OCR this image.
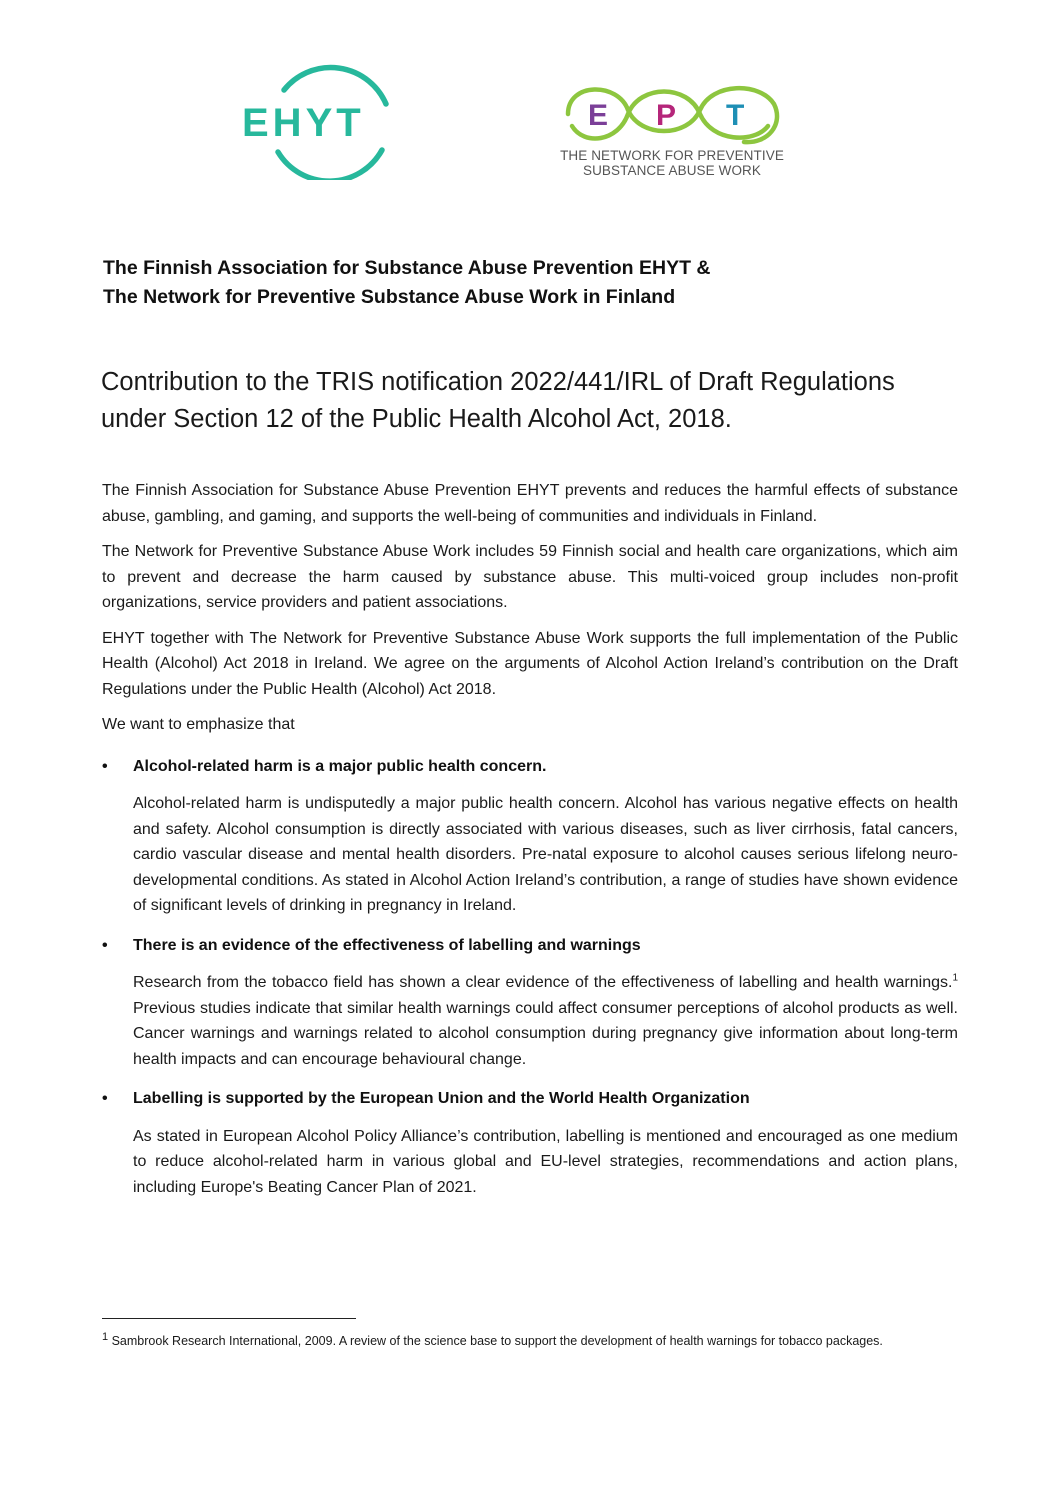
EHYT	E P T
THE NETWORK FOR PREVENTIVE
SUBSTANCE ABUSE WORK
The Finnish Association for Substance Abuse Prevention EHYT &
The Network for Preventive Substance Abuse Work in Finland
Contribution to the TRIS notification 2022/441/IRL of Draft Regulations
under Section 12 of the Public Health Alcohol Act, 2018.

The Finnish Association for Substance Abuse Prevention EHYT prevents and reduces the harmful effects of substance abuse, gambling, and gaming, and supports the well-being of communities and individuals in Finland.

The Network for Preventive Substance Abuse Work includes 59 Finnish social and health care organizations, which aim to prevent and decrease the harm caused by substance abuse. This multi-voiced group includes non-profit organizations, service providers and patient associations.

EHYT together with The Network for Preventive Substance Abuse Work supports the full implementation of the Public Health (Alcohol) Act 2018 in Ireland. We agree on the arguments of Alcohol Action Ireland’s contribution on the Draft Regulations under the Public Health (Alcohol) Act 2018.

We want to emphasize that

• Alcohol-related harm is a major public health concern.

Alcohol-related harm is undisputedly a major public health concern. Alcohol has various negative effects on health and safety. Alcohol consumption is directly associated with various diseases, such as liver cirrhosis, fatal cancers, cardio vascular disease and mental health disorders. Pre-natal exposure to alcohol causes serious lifelong neuro-developmental conditions. As stated in Alcohol Action Ireland’s contribution, a range of studies have shown evidence of significant levels of drinking in pregnancy in Ireland.

• There is an evidence of the effectiveness of labelling and warnings

Research from the tobacco field has shown a clear evidence of the effectiveness of labelling and health warnings.$^1$ Previous studies indicate that similar health warnings could affect consumer perceptions of alcohol products as well. Cancer warnings and warnings related to alcohol consumption during pregnancy give information about long-term health impacts and can encourage behavioural change.

• Labelling is supported by the European Union and the World Health Organization

As stated in European Alcohol Policy Alliance’s contribution, labelling is mentioned and encouraged as one medium to reduce alcohol-related harm in various global and EU-level strategies, recommendations and action plans, including Europe's Beating Cancer Plan of 2021.

$^1$ Sambrook Research International, 2009. A review of the science base to support the development of health warnings for tobacco packages.
